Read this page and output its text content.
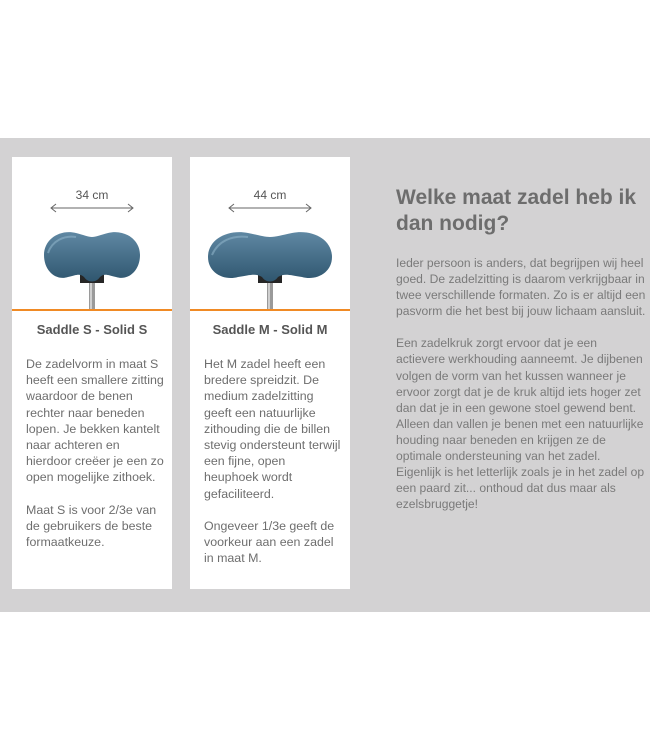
34 cm
Saddle S - Solid S

De zadelvorm in maat S heeft een smallere zitting waardoor de benen rechter naar beneden lopen. Je bekken kantelt naar achteren en hierdoor creëer je een zo open mogelijke zithoek.

Maat S is voor 2/3e van de gebruikers de beste formaatkeuze.

44 cm
Saddle M - Solid M

Het M zadel heeft een bredere spreidzit. De medium zadelzitting geeft een natuurlijke zithouding die de billen stevig ondersteunt terwijl een fijne, open heuphoek wordt gefaciliteerd.

Ongeveer 1/3e geeft de voorkeur aan een zadel in maat M.

Welke maat zadel heb ik dan nodig?

Ieder persoon is anders, dat begrijpen wij heel goed. De zadelzitting is daarom verkrijgbaar in twee verschillende formaten. Zo is er altijd een pasvorm die het best bij jouw lichaam aansluit.

Een zadelkruk zorgt ervoor dat je een actievere werkhouding aanneemt. Je dijbenen volgen de vorm van het kussen wanneer je ervoor zorgt dat je de kruk altijd iets hoger zet dan dat je in een gewone stoel gewend bent. Alleen dan vallen je benen met een natuurlijke houding naar beneden en krijgen ze de optimale ondersteuning van het zadel. Eigenlijk is het letterlijk zoals je in het zadel op een paard zit... onthoud dat dus maar als ezelsbruggetje!
